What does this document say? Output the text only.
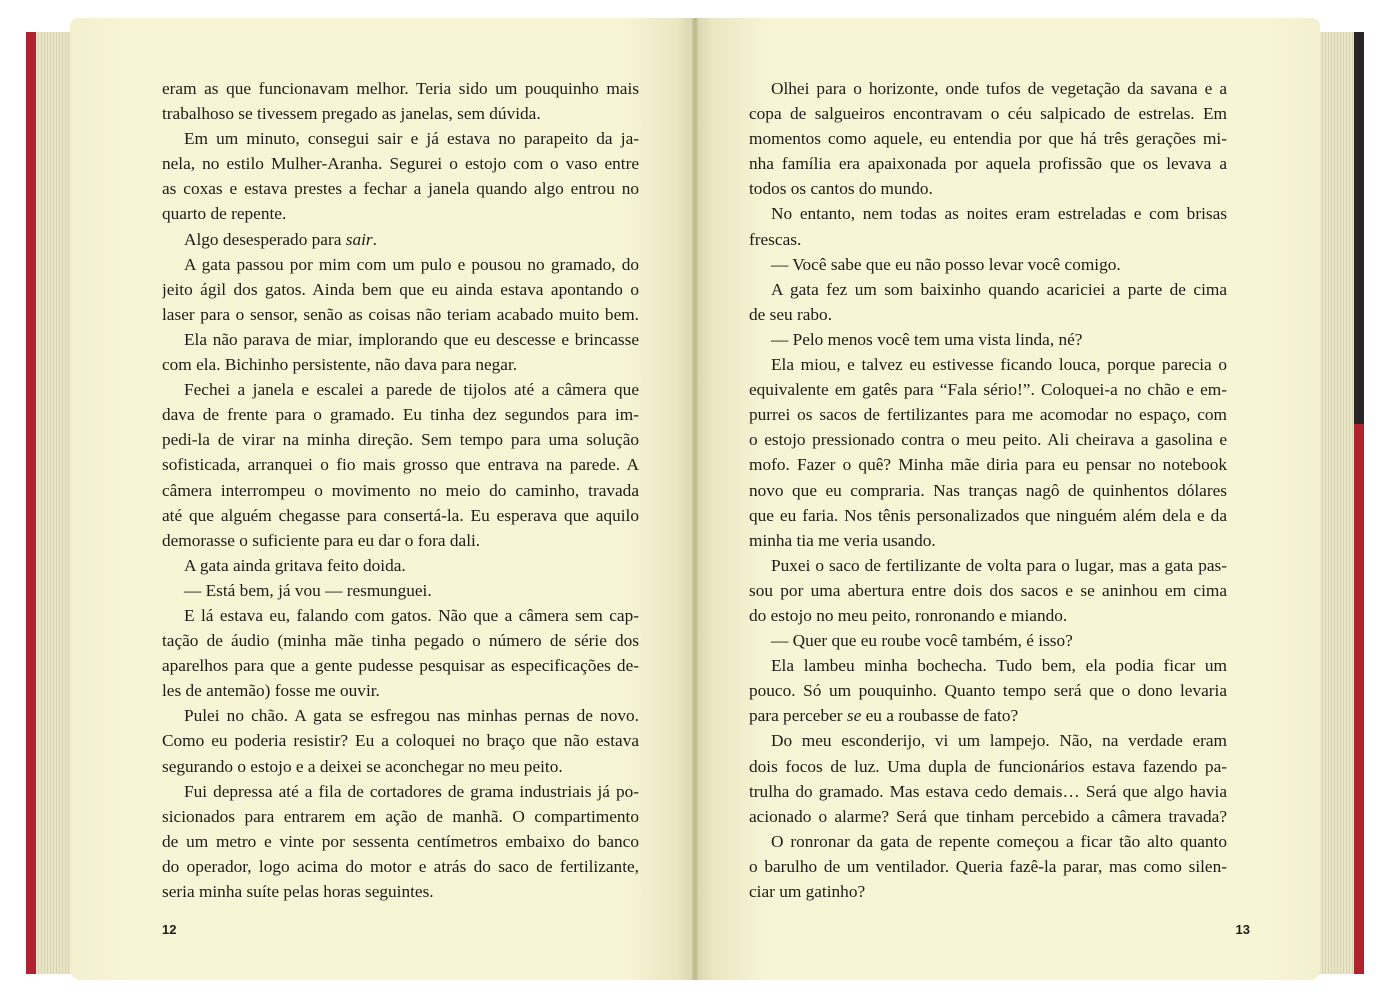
eram as que funcionavam melhor. Teria sido um pouquinho mais
trabalhoso se tivessem pregado as janelas, sem dúvida.
Em um minuto, consegui sair e já estava no parapeito da ja-
nela, no estilo Mulher-Aranha. Segurei o estojo com o vaso entre
as coxas e estava prestes a fechar a janela quando algo entrou no
quarto de repente.
Algo desesperado para sair.
A gata passou por mim com um pulo e pousou no gramado, do
jeito ágil dos gatos. Ainda bem que eu ainda estava apontando o
laser para o sensor, senão as coisas não teriam acabado muito bem.
Ela não parava de miar, implorando que eu descesse e brincasse
com ela. Bichinho persistente, não dava para negar.
Fechei a janela e escalei a parede de tijolos até a câmera que
dava de frente para o gramado. Eu tinha dez segundos para im-
pedi-la de virar na minha direção. Sem tempo para uma solução
sofisticada, arranquei o fio mais grosso que entrava na parede. A
câmera interrompeu o movimento no meio do caminho, travada
até que alguém chegasse para consertá-la. Eu esperava que aquilo
demorasse o suficiente para eu dar o fora dali.
A gata ainda gritava feito doida.
— Está bem, já vou — resmunguei.
E lá estava eu, falando com gatos. Não que a câmera sem cap-
tação de áudio (minha mãe tinha pegado o número de série dos
aparelhos para que a gente pudesse pesquisar as especificações de-
les de antemão) fosse me ouvir.
Pulei no chão. A gata se esfregou nas minhas pernas de novo.
Como eu poderia resistir? Eu a coloquei no braço que não estava
segurando o estojo e a deixei se aconchegar no meu peito.
Fui depressa até a fila de cortadores de grama industriais já po-
sicionados para entrarem em ação de manhã. O compartimento
de um metro e vinte por sessenta centímetros embaixo do banco
do operador, logo acima do motor e atrás do saco de fertilizante,
seria minha suíte pelas horas seguintes.
12
Olhei para o horizonte, onde tufos de vegetação da savana e a
copa de salgueiros encontravam o céu salpicado de estrelas. Em
momentos como aquele, eu entendia por que há três gerações mi-
nha família era apaixonada por aquela profissão que os levava a
todos os cantos do mundo.
No entanto, nem todas as noites eram estreladas e com brisas
frescas.
— Você sabe que eu não posso levar você comigo.
A gata fez um som baixinho quando acariciei a parte de cima
de seu rabo.
— Pelo menos você tem uma vista linda, né?
Ela miou, e talvez eu estivesse ficando louca, porque parecia o
equivalente em gatês para “Fala sério!”. Coloquei-a no chão e em-
purrei os sacos de fertilizantes para me acomodar no espaço, com
o estojo pressionado contra o meu peito. Ali cheirava a gasolina e
mofo. Fazer o quê? Minha mãe diria para eu pensar no notebook
novo que eu compraria. Nas tranças nagô de quinhentos dólares
que eu faria. Nos tênis personalizados que ninguém além dela e da
minha tia me veria usando.
Puxei o saco de fertilizante de volta para o lugar, mas a gata pas-
sou por uma abertura entre dois dos sacos e se aninhou em cima
do estojo no meu peito, ronronando e miando.
— Quer que eu roube você também, é isso?
Ela lambeu minha bochecha. Tudo bem, ela podia ficar um
pouco. Só um pouquinho. Quanto tempo será que o dono levaria
para perceber se eu a roubasse de fato?
Do meu esconderijo, vi um lampejo. Não, na verdade eram
dois focos de luz. Uma dupla de funcionários estava fazendo pa-
trulha do gramado. Mas estava cedo demais… Será que algo havia
acionado o alarme? Será que tinham percebido a câmera travada?
O ronronar da gata de repente começou a ficar tão alto quanto
o barulho de um ventilador. Queria fazê-la parar, mas como silen-
ciar um gatinho?
13
